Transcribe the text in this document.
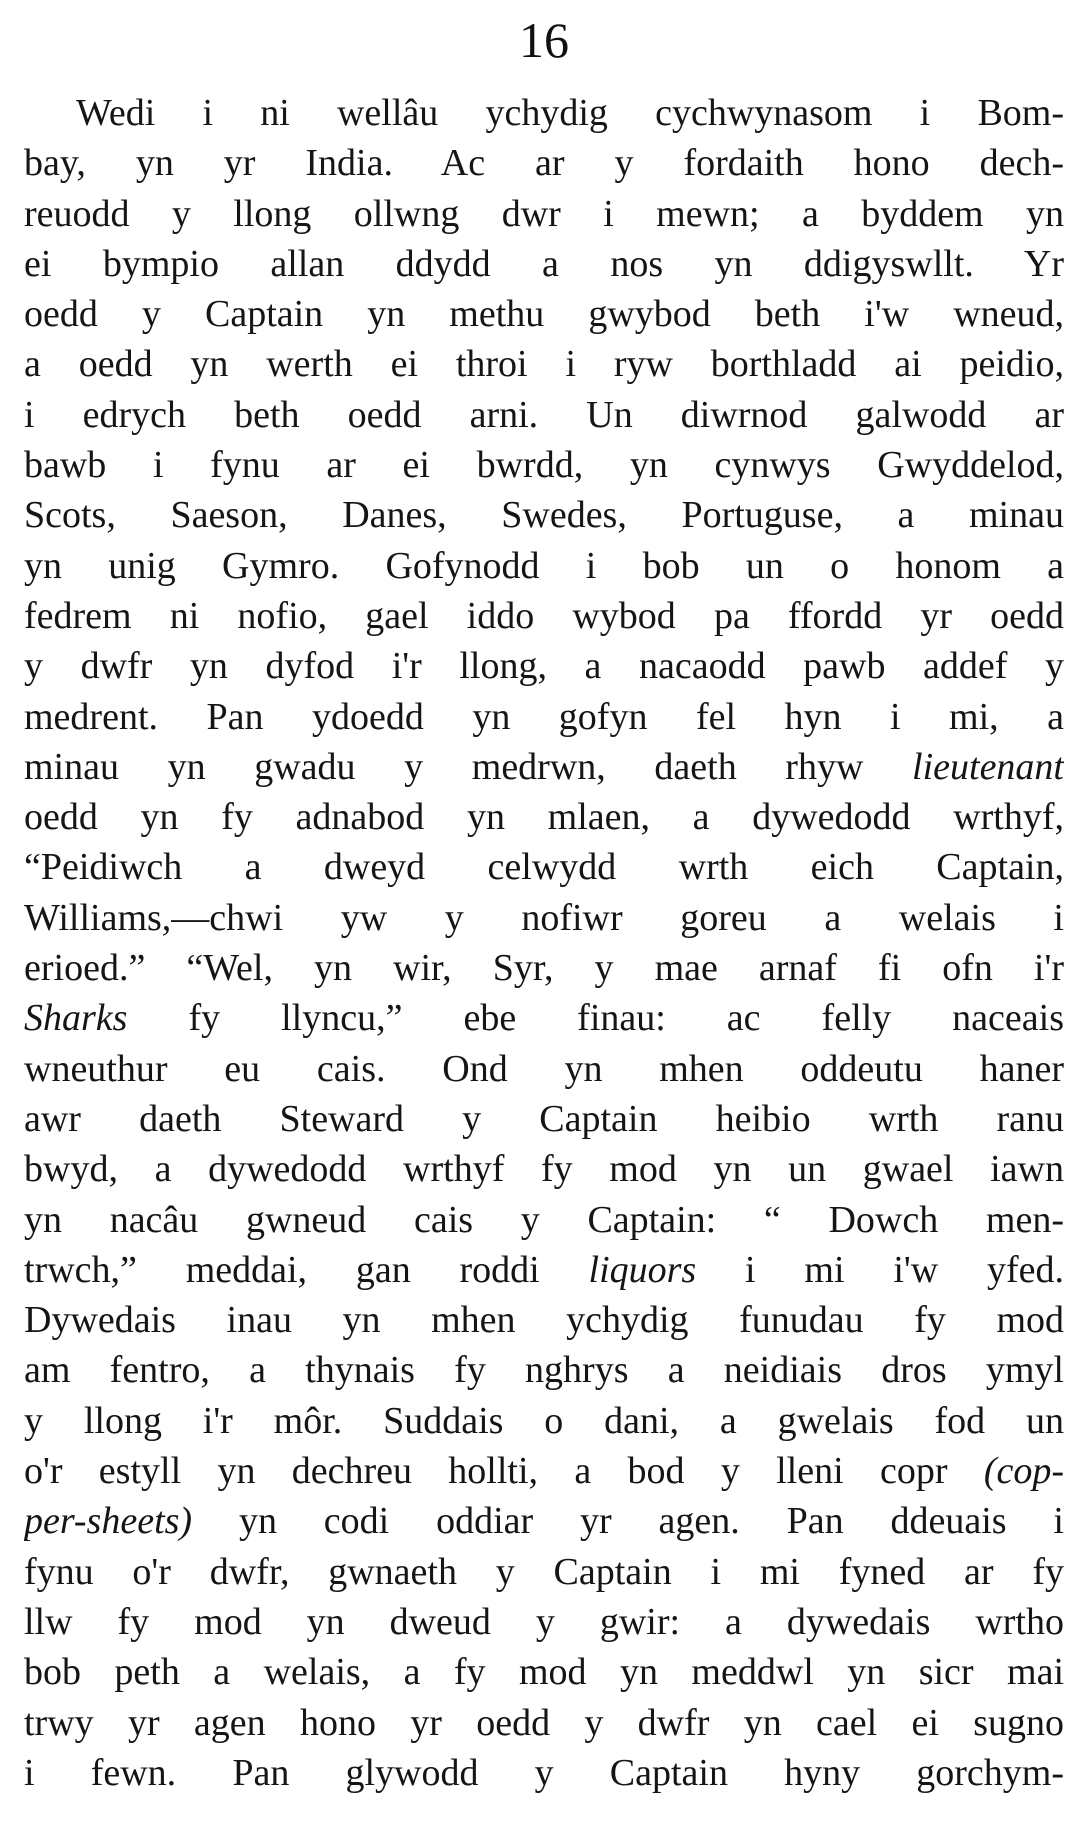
16
Wedi i ni wellâu ychydig cychwynasom i Bom-
bay, yn yr India. Ac ar y fordaith hono dech-
reuodd y llong ollwng dwr i mewn; a byddem yn
ei bympio allan ddydd a nos yn ddigyswllt. Yr
oedd y Captain yn methu gwybod beth i'w wneud,
a oedd yn werth ei throi i ryw borthladd ai peidio,
i edrych beth oedd arni. Un diwrnod galwodd ar
bawb i fynu ar ei bwrdd, yn cynwys Gwyddelod,
Scots, Saeson, Danes, Swedes, Portuguse, a minau
yn unig Gymro. Gofynodd i bob un o honom a
fedrem ni nofio, gael iddo wybod pa ffordd yr oedd
y dwfr yn dyfod i'r llong, a nacaodd pawb addef y
medrent. Pan ydoedd yn gofyn fel hyn i mi, a
minau yn gwadu y medrwn, daeth rhyw lieutenant
oedd yn fy adnabod yn mlaen, a dywedodd wrthyf,
“Peidiwch a dweyd celwydd wrth eich Captain,
Williams,—chwi yw y nofiwr goreu a welais i
erioed.” “Wel, yn wir, Syr, y mae arnaf fi ofn i'r
Sharks fy llyncu,” ebe finau: ac felly naceais
wneuthur eu cais. Ond yn mhen oddeutu haner
awr daeth Steward y Captain heibio wrth ranu
bwyd, a dywedodd wrthyf fy mod yn un gwael iawn
yn nacâu gwneud cais y Captain: “ Dowch men-
trwch,” meddai, gan roddi liquors i mi i'w yfed.
Dywedais inau yn mhen ychydig funudau fy mod
am fentro, a thynais fy nghrys a neidiais dros ymyl
y llong i'r môr. Suddais o dani, a gwelais fod un
o'r estyll yn dechreu hollti, a bod y lleni copr (cop-
per-sheets) yn codi oddiar yr agen. Pan ddeuais i
fynu o'r dwfr, gwnaeth y Captain i mi fyned ar fy
llw fy mod yn dweud y gwir: a dywedais wrtho
bob peth a welais, a fy mod yn meddwl yn sicr mai
trwy yr agen hono yr oedd y dwfr yn cael ei sugno
i fewn. Pan glywodd y Captain hyny gorchym-
